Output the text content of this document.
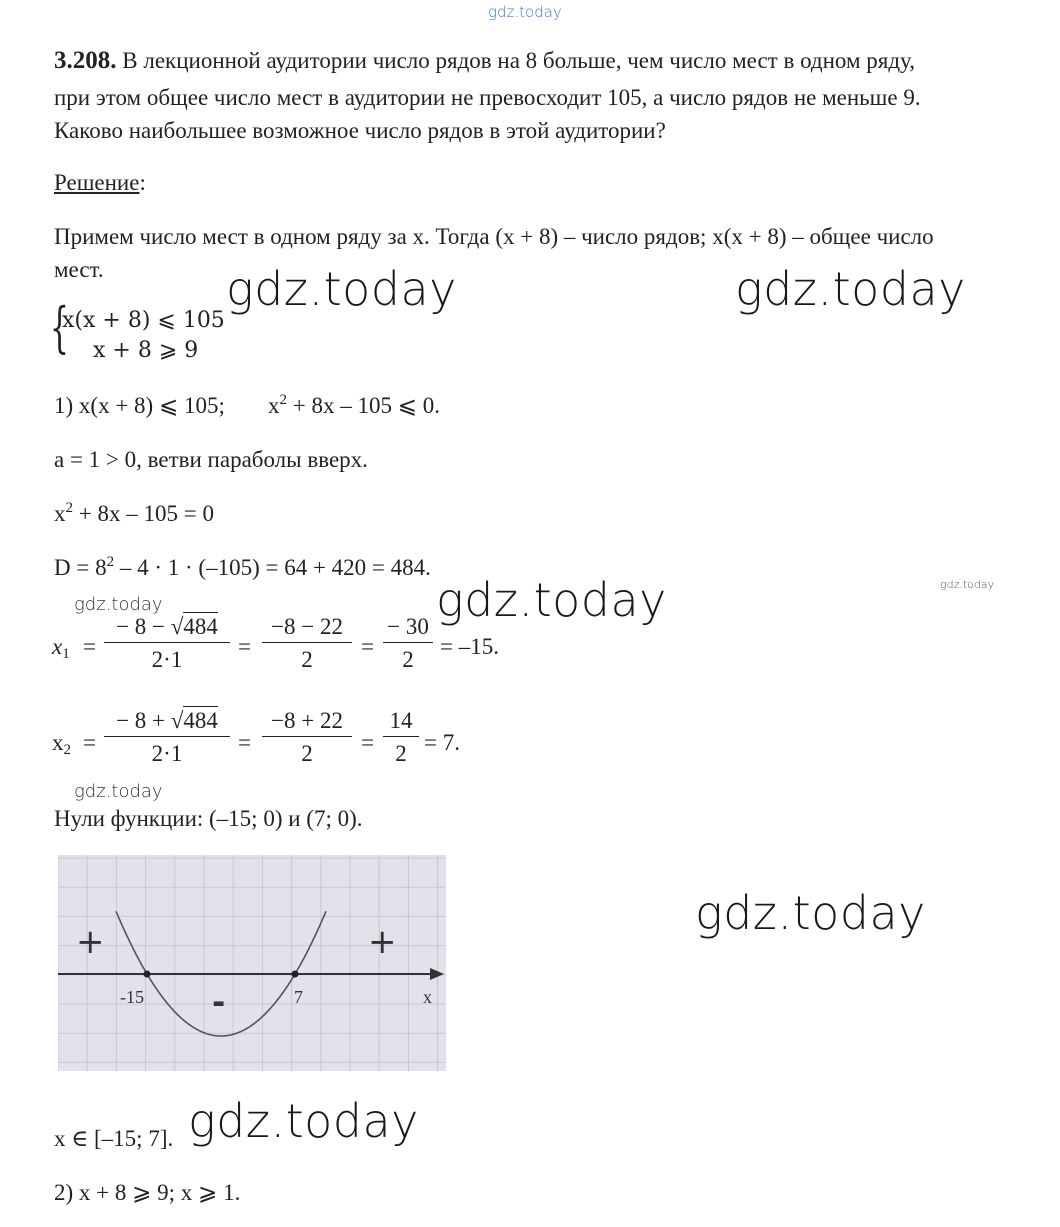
gdz.today
gdz.today	gdz.today
gdz.today
gdz.today
gdz.today
gdz.today
gdz.today
gdz.today
3.208. В лекционной аудитории число рядов на 8 больше, чем число мест в одном ряду,
при этом общее число мест в аудитории не превосходит 105, а число рядов не меньше 9.
Каково наибольшее возможное число рядов в этой аудитории?
Решение:
Примем число мест в одном ряду за х. Тогда (х + 8) – число рядов; х(х + 8) – общее число
мест.
{
x(x + 8) ⩽ 105
x + 8 ⩾ 9
1) х(х + 8) ⩽ 105; $х^2 + 8х - 105$ ⩽ 0.
а = 1 > 0, ветви параболы вверх.
$х^2 + 8х - 105 = 0$
$D = 8^2 - 4 \cdot 1 \cdot (-105) = 64 + 420 = 484$.
$x_1 = \frac{- 8 - √484}{2\cdot 1} = \frac{-8 - 22}{2} = \frac{- 30}{2} = -15$.
$x_2 = \frac{- 8 + √484}{2\cdot 1} = \frac{-8 + 22}{2} = \frac{14}{2} = 7$.
Нули функции: (–15; 0) и (7; 0).
+	+
-
-15	7	x
х ∈ [–15; 7].
2) х + 8 ⩾ 9; х ⩾ 1.
